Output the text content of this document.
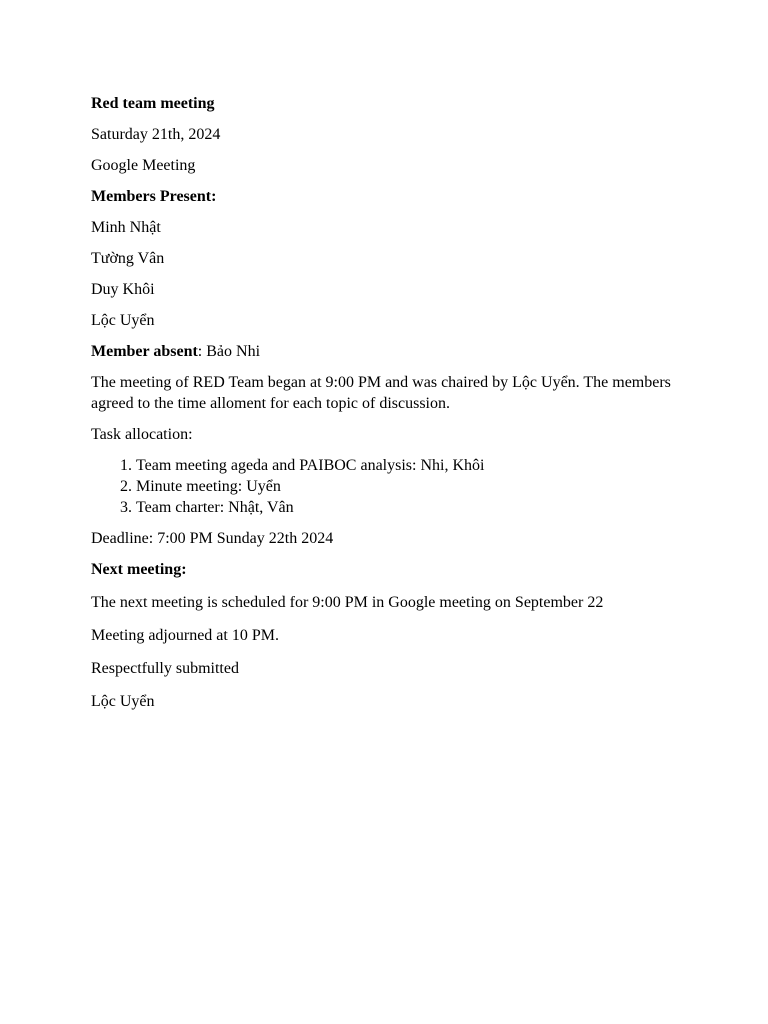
Red team meeting

Saturday 21th, 2024

Google Meeting

Members Present:

Minh Nhật

Tường Vân

Duy Khôi

Lộc Uyển

Member absent: Bảo Nhi

The meeting of RED Team began at 9:00 PM and was chaired by Lộc Uyển. The members agreed to the time alloment for each topic of discussion.

Task allocation:

1. Team meeting ageda and PAIBOC analysis: Nhi, Khôi
2. Minute meeting: Uyển
3. Team charter: Nhật, Vân

Deadline: 7:00 PM Sunday 22th 2024

Next meeting:

The next meeting is scheduled for 9:00 PM in Google meeting on September 22

Meeting adjourned at 10 PM.

Respectfully submitted

Lộc Uyển
